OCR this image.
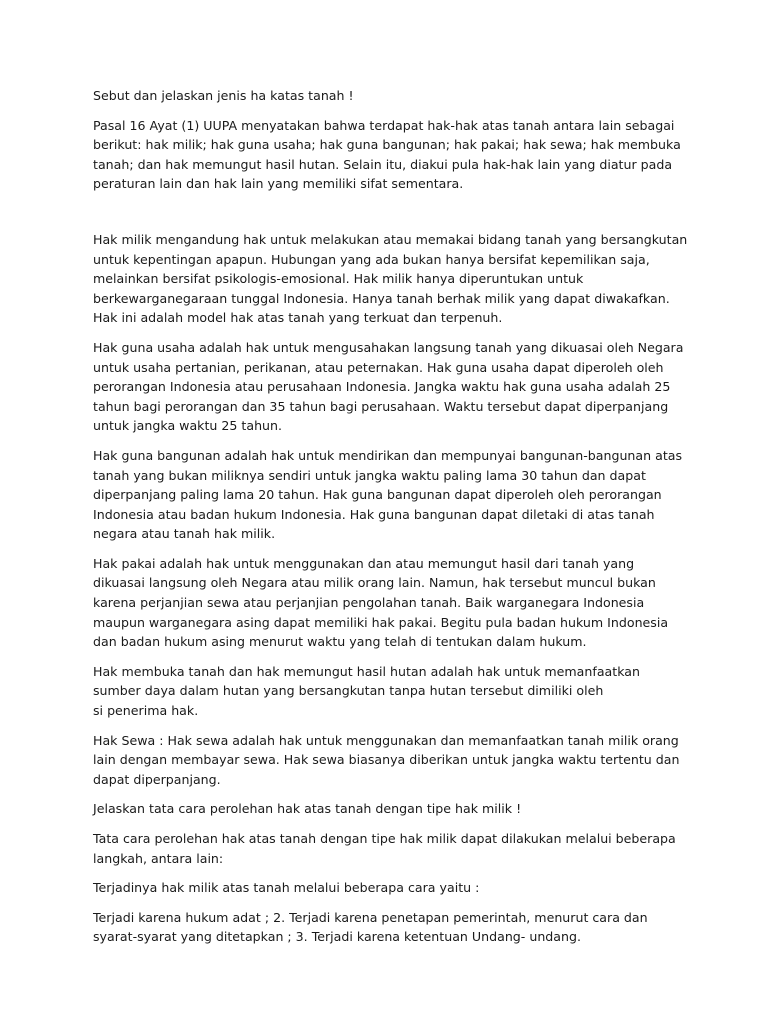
Sebut dan jelaskan jenis ha katas tanah !

Pasal 16 Ayat (1) UUPA menyatakan bahwa terdapat hak-hak atas tanah antara lain sebagai
berikut: hak milik; hak guna usaha; hak guna bangunan; hak pakai; hak sewa; hak membuka
tanah; dan hak memungut hasil hutan. Selain itu, diakui pula hak-hak lain yang diatur pada
peraturan lain dan hak lain yang memiliki sifat sementara.

Hak milik mengandung hak untuk melakukan atau memakai bidang tanah yang bersangkutan
untuk kepentingan apapun. Hubungan yang ada bukan hanya bersifat kepemilikan saja,
melainkan bersifat psikologis-emosional. Hak milik hanya diperuntukan untuk
berkewarganegaraan tunggal Indonesia. Hanya tanah berhak milik yang dapat diwakafkan.
Hak ini adalah model hak atas tanah yang terkuat dan terpenuh.

Hak guna usaha adalah hak untuk mengusahakan langsung tanah yang dikuasai oleh Negara
untuk usaha pertanian, perikanan, atau peternakan. Hak guna usaha dapat diperoleh oleh
perorangan Indonesia atau perusahaan Indonesia. Jangka waktu hak guna usaha adalah 25
tahun bagi perorangan dan 35 tahun bagi perusahaan. Waktu tersebut dapat diperpanjang
untuk jangka waktu 25 tahun.

Hak guna bangunan adalah hak untuk mendirikan dan mempunyai bangunan-bangunan atas
tanah yang bukan miliknya sendiri untuk jangka waktu paling lama 30 tahun dan dapat
diperpanjang paling lama 20 tahun. Hak guna bangunan dapat diperoleh oleh perorangan
Indonesia atau badan hukum Indonesia. Hak guna bangunan dapat diletaki di atas tanah
negara atau tanah hak milik.

Hak pakai adalah hak untuk menggunakan dan atau memungut hasil dari tanah yang
dikuasai langsung oleh Negara atau milik orang lain. Namun, hak tersebut muncul bukan
karena perjanjian sewa atau perjanjian pengolahan tanah. Baik warganegara Indonesia
maupun warganegara asing dapat memiliki hak pakai. Begitu pula badan hukum Indonesia
dan badan hukum asing menurut waktu yang telah di tentukan dalam hukum.

Hak membuka tanah dan hak memungut hasil hutan adalah hak untuk memanfaatkan
sumber daya dalam hutan yang bersangkutan tanpa hutan tersebut dimiliki oleh
si penerima hak.

Hak Sewa : Hak sewa adalah hak untuk menggunakan dan memanfaatkan tanah milik orang
lain dengan membayar sewa. Hak sewa biasanya diberikan untuk jangka waktu tertentu dan
dapat diperpanjang.

Jelaskan tata cara perolehan hak atas tanah dengan tipe hak milik !

Tata cara perolehan hak atas tanah dengan tipe hak milik dapat dilakukan melalui beberapa
langkah, antara lain:

Terjadinya hak milik atas tanah melalui beberapa cara yaitu :

Terjadi karena hukum adat ; 2. Terjadi karena penetapan pemerintah, menurut cara dan
syarat-syarat yang ditetapkan ; 3. Terjadi karena ketentuan Undang- undang.
